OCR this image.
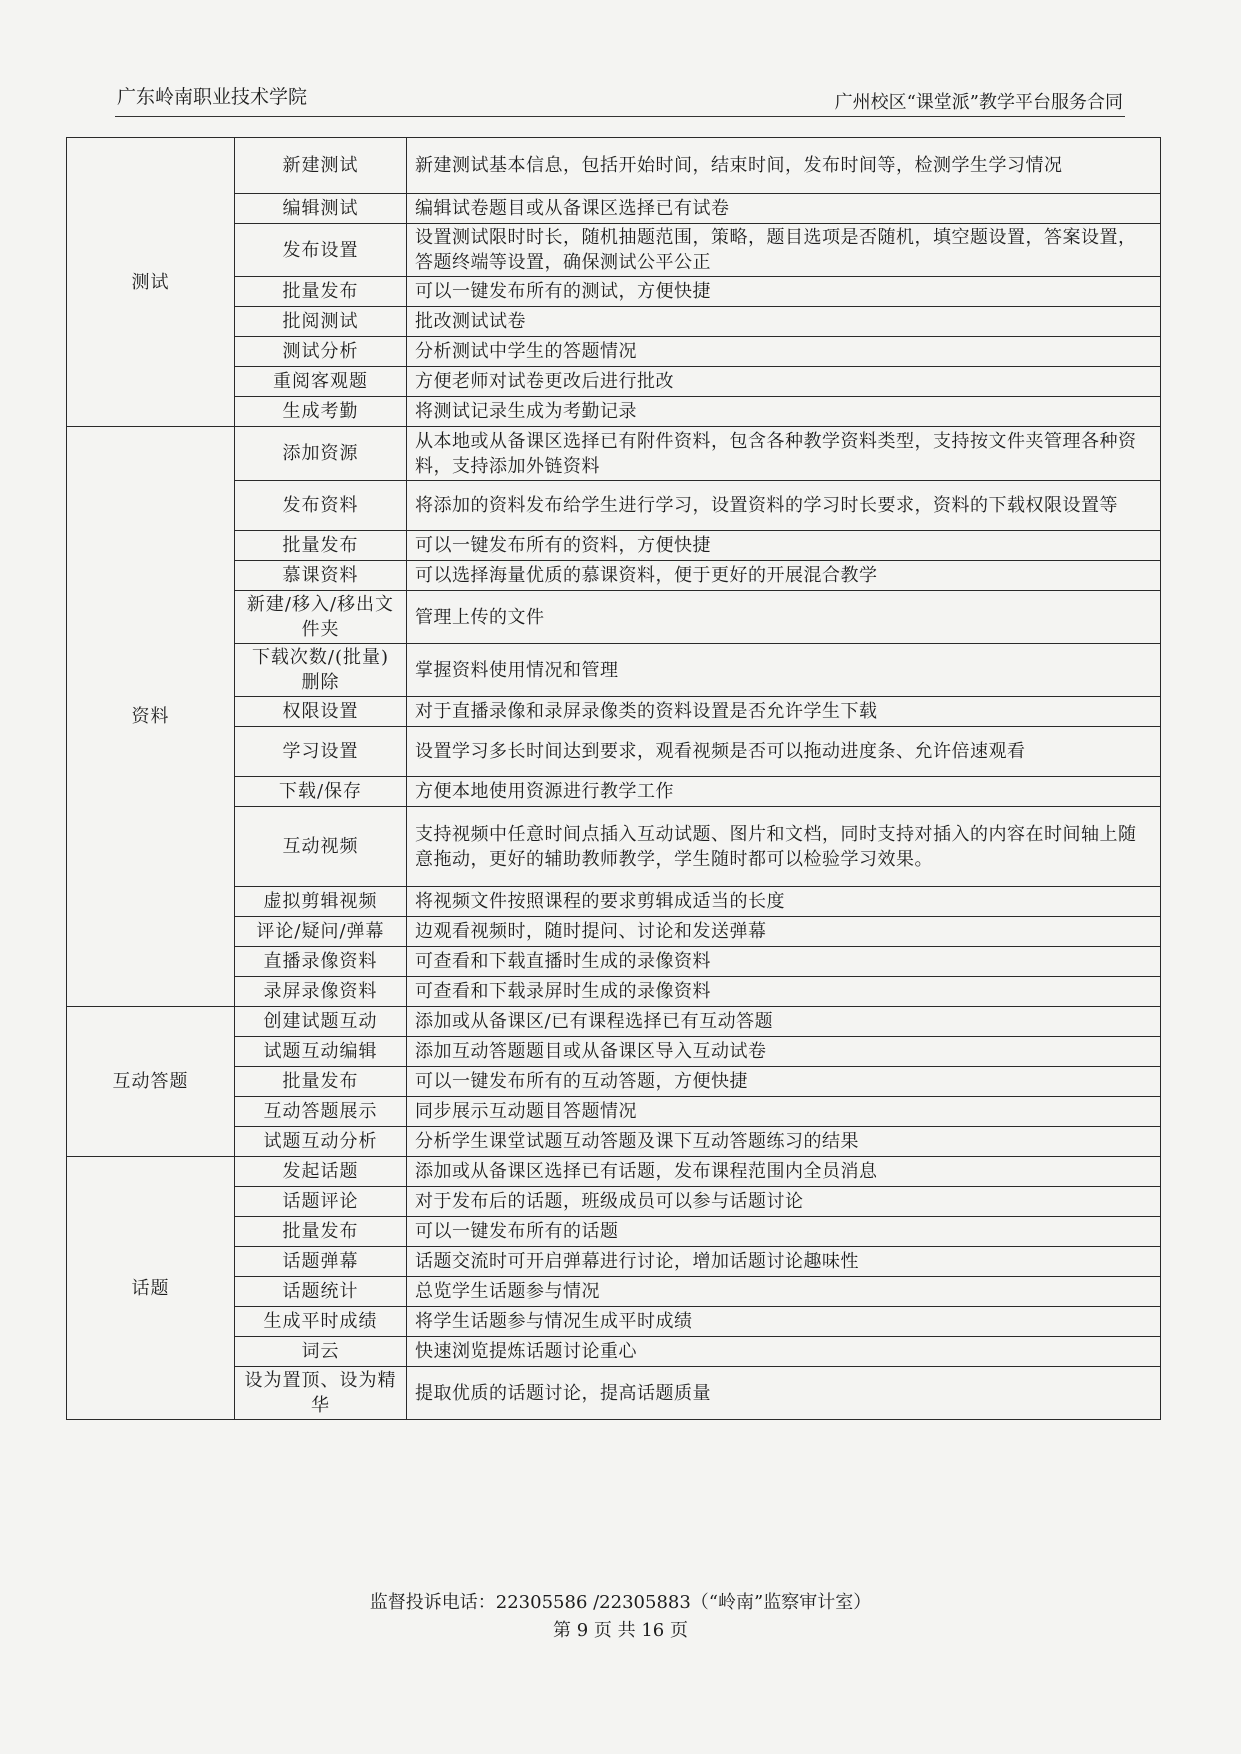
广东岭南职业技术学院	广州校区“课堂派”教学平台服务合同
测试	新建测试	新建测试基本信息，包括开始时间，结束时间，发布时间等，检测学生学习情况
	编辑测试	编辑试卷题目或从备课区选择已有试卷
	发布设置	设置测试限时时长，随机抽题范围，策略，题目选项是否随机，填空题设置，答案设置，答题终端等设置，确保测试公平公正
	批量发布	可以一键发布所有的测试，方便快捷
	批阅测试	批改测试试卷
	测试分析	分析测试中学生的答题情况
	重阅客观题	方便老师对试卷更改后进行批改
	生成考勤	将测试记录生成为考勤记录
资料	添加资源	从本地或从备课区选择已有附件资料，包含各种教学资料类型，支持按文件夹管理各种资料，支持添加外链资料
	发布资料	将添加的资料发布给学生进行学习，设置资料的学习时长要求，资料的下载权限设置等
	批量发布	可以一键发布所有的资料，方便快捷
	慕课资料	可以选择海量优质的慕课资料，便于更好的开展混合教学
	新建/移入/移出文件夹	管理上传的文件
	下载次数/(批量)删除	掌握资料使用情况和管理
	权限设置	对于直播录像和录屏录像类的资料设置是否允许学生下载
	学习设置	设置学习多长时间达到要求，观看视频是否可以拖动进度条、允许倍速观看
	下载/保存	方便本地使用资源进行教学工作
	互动视频	支持视频中任意时间点插入互动试题、图片和文档，同时支持对插入的内容在时间轴上随意拖动，更好的辅助教师教学，学生随时都可以检验学习效果。
	虚拟剪辑视频	将视频文件按照课程的要求剪辑成适当的长度
	评论/疑问/弹幕	边观看视频时，随时提问、讨论和发送弹幕
	直播录像资料	可查看和下载直播时生成的录像资料
	录屏录像资料	可查看和下载录屏时生成的录像资料
互动答题	创建试题互动	添加或从备课区/已有课程选择已有互动答题
	试题互动编辑	添加互动答题题目或从备课区导入互动试卷
	批量发布	可以一键发布所有的互动答题，方便快捷
	互动答题展示	同步展示互动题目答题情况
	试题互动分析	分析学生课堂试题互动答题及课下互动答题练习的结果
话题	发起话题	添加或从备课区选择已有话题，发布课程范围内全员消息
	话题评论	对于发布后的话题，班级成员可以参与话题讨论
	批量发布	可以一键发布所有的话题
	话题弹幕	话题交流时可开启弹幕进行讨论，增加话题讨论趣味性
	话题统计	总览学生话题参与情况
	生成平时成绩	将学生话题参与情况生成平时成绩
	词云	快速浏览提炼话题讨论重心
	设为置顶、设为精华	提取优质的话题讨论，提高话题质量
监督投诉电话：22305586 /22305883（“岭南”监察审计室）
第 9 页 共 16 页
